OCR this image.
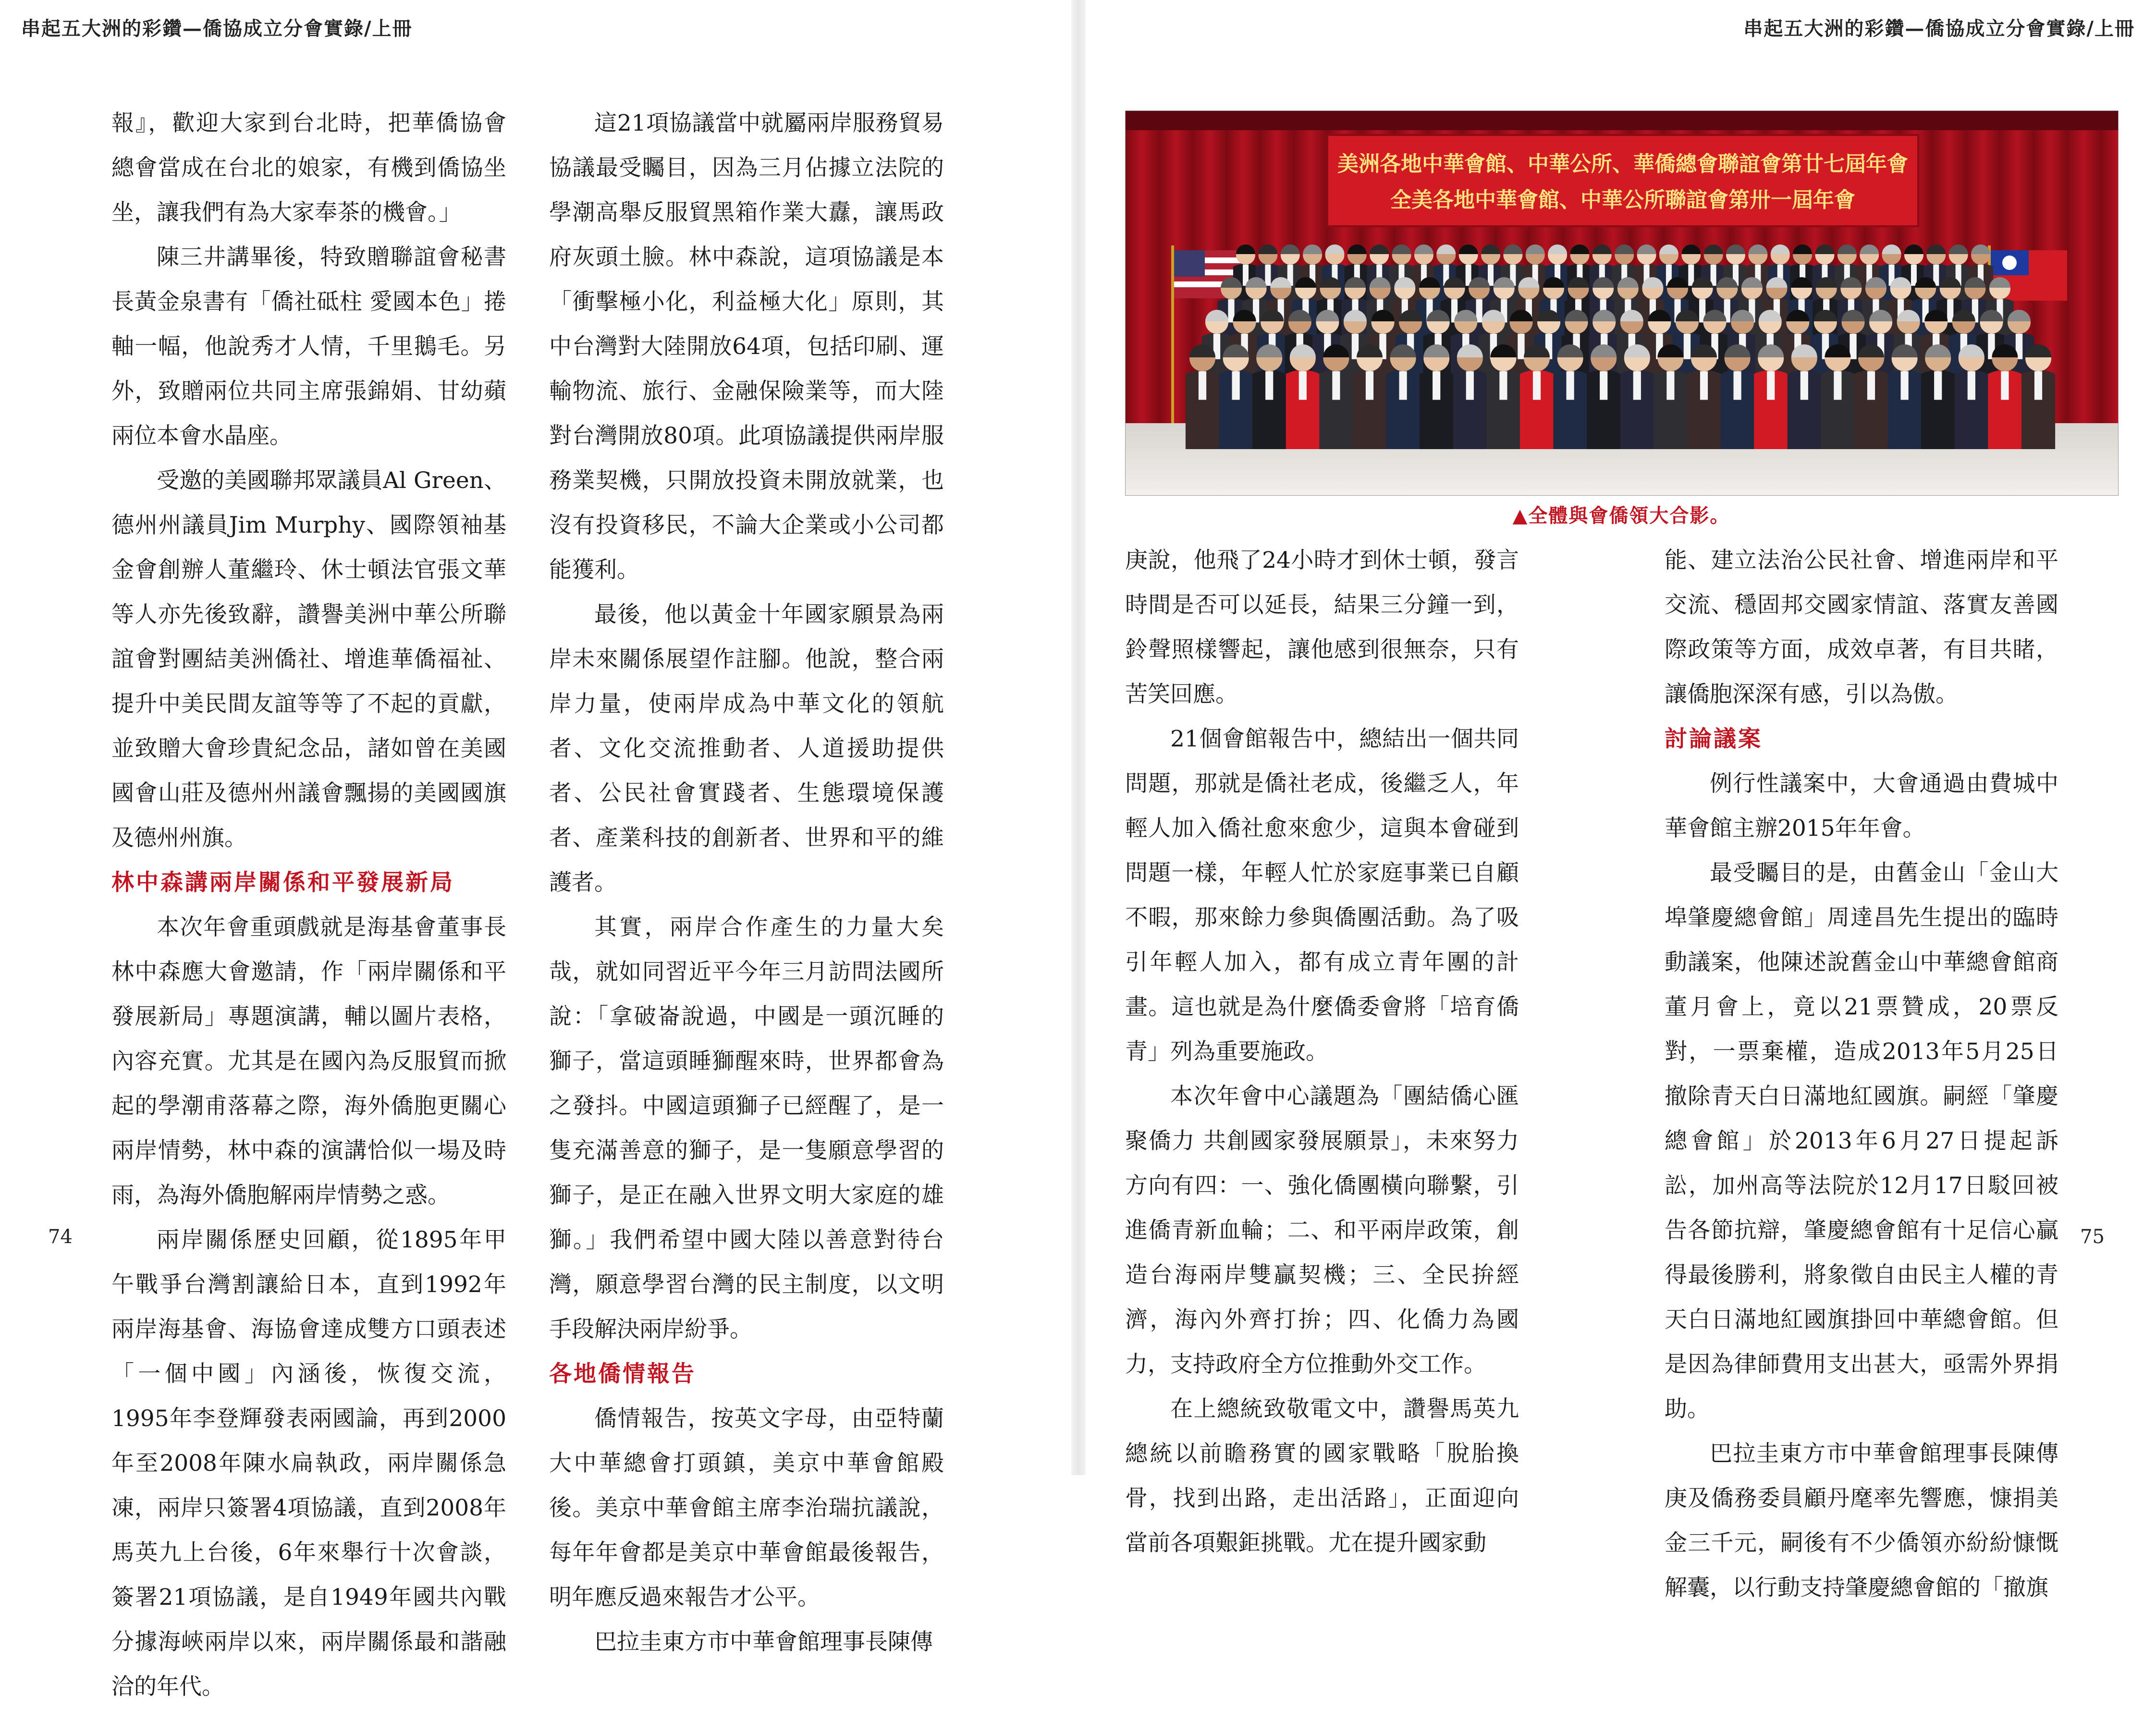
串起五大洲的彩鑽—僑協成立分會實錄/上冊

報』，歡迎大家到台北時，把華僑協會總會當成在台北的娘家，有機到僑協坐坐，讓我們有為大家奉茶的機會。」

陳三井講畢後，特致贈聯誼會秘書長黃金泉書有「僑社砥柱 愛國本色」捲軸一幅，他說秀才人情，千里鵝毛。另外，致贈兩位共同主席張錦娟、甘幼蘋兩位本會水晶座。

受邀的美國聯邦眾議員Al Green、德州州議員Jim Murphy、國際領袖基金會創辦人董繼玲、休士頓法官張文華等人亦先後致辭，讚譽美洲中華公所聯誼會對團結美洲僑社、增進華僑福祉、提升中美民間友誼等等了不起的貢獻，並致贈大會珍貴紀念品，諸如曾在美國國會山莊及德州州議會飄揚的美國國旗及德州州旗。

林中森講兩岸關係和平發展新局

本次年會重頭戲就是海基會董事長林中森應大會邀請，作「兩岸關係和平發展新局」專題演講，輔以圖片表格，內容充實。尤其是在國內為反服貿而掀起的學潮甫落幕之際，海外僑胞更關心兩岸情勢，林中森的演講恰似一場及時雨，為海外僑胞解兩岸情勢之惑。

兩岸關係歷史回顧，從1895年甲午戰爭台灣割讓給日本，直到1992年兩岸海基會、海協會達成雙方口頭表述「一個中國」內涵後，恢復交流，1995年李登輝發表兩國論，再到2000年至2008年陳水扁執政，兩岸關係急凍，兩岸只簽署4項協議，直到2008年馬英九上台後，6年來舉行十次會談，簽署21項協議，是自1949年國共內戰分據海峽兩岸以來，兩岸關係最和諧融洽的年代。

這21項協議當中就屬兩岸服務貿易協議最受矚目，因為三月佔據立法院的學潮高舉反服貿黑箱作業大纛，讓馬政府灰頭土臉。林中森說，這項協議是本「衝擊極小化，利益極大化」原則，其中台灣對大陸開放64項，包括印刷、運輸物流、旅行、金融保險業等，而大陸對台灣開放80項。此項協議提供兩岸服務業契機，只開放投資未開放就業，也沒有投資移民，不論大企業或小公司都能獲利。

最後，他以黃金十年國家願景為兩岸未來關係展望作註腳。他說，整合兩岸力量，使兩岸成為中華文化的領航者、文化交流推動者、人道援助提供者、公民社會實踐者、生態環境保護者、產業科技的創新者、世界和平的維護者。

其實，兩岸合作產生的力量大矣哉，就如同習近平今年三月訪問法國所說：「拿破崙說過，中國是一頭沉睡的獅子，當這頭睡獅醒來時，世界都會為之發抖。中國這頭獅子已經醒了，是一隻充滿善意的獅子，是一隻願意學習的獅子，是正在融入世界文明大家庭的雄獅。」我們希望中國大陸以善意對待台灣，願意學習台灣的民主制度，以文明手段解決兩岸紛爭。

各地僑情報告

僑情報告，按英文字母，由亞特蘭大中華總會打頭鎮，美京中華會館殿後。美京中華會館主席李治瑞抗議說，每年年會都是美京中華會館最後報告，明年應反過來報告才公平。

巴拉圭東方市中華會館理事長陳傳

74
串起五大洲的彩鑽—僑協成立分會實錄/上冊
美洲各地中華會館、中華公所、華僑總會聯誼會第廿七屆年會
全美各地中華會館、中華公所聯誼會第卅一屆年會
▲全體與會僑領大合影。

庚說，他飛了24小時才到休士頓，發言時間是否可以延長，結果三分鐘一到，鈴聲照樣響起，讓他感到很無奈，只有苦笑回應。

21個會館報告中，總結出一個共同問題，那就是僑社老成，後繼乏人，年輕人加入僑社愈來愈少，這與本會碰到問題一樣，年輕人忙於家庭事業已自顧不暇，那來餘力參與僑團活動。為了吸引年輕人加入，都有成立青年團的計畫。這也就是為什麼僑委會將「培育僑青」列為重要施政。

本次年會中心議題為「團結僑心匯聚僑力 共創國家發展願景」，未來努力方向有四：一、強化僑團橫向聯繫，引進僑青新血輪；二、和平兩岸政策，創造台海兩岸雙贏契機；三、全民拚經濟，海內外齊打拚；四、化僑力為國力，支持政府全方位推動外交工作。

在上總統致敬電文中，讚譽馬英九總統以前瞻務實的國家戰略「脫胎換骨，找到出路，走出活路」，正面迎向當前各項艱鉅挑戰。尤在提升國家動

能、建立法治公民社會、增進兩岸和平交流、穩固邦交國家情誼、落實友善國際政策等方面，成效卓著，有目共睹，讓僑胞深深有感，引以為傲。

討論議案

例行性議案中，大會通過由費城中華會館主辦2015年年會。

最受矚目的是，由舊金山「金山大埠肇慶總會館」周達昌先生提出的臨時動議案，他陳述說舊金山中華總會館商董月會上，竟以21票贊成，20票反對，一票棄權，造成2013年5月25日撤除青天白日滿地紅國旗。嗣經「肇慶總會館」於2013年6月27日提起訴訟，加州高等法院於12月17日駁回被告各節抗辯，肇慶總會館有十足信心贏得最後勝利，將象徵自由民主人權的青天白日滿地紅國旗掛回中華總會館。但是因為律師費用支出甚大，亟需外界捐助。

巴拉圭東方市中華會館理事長陳傳庚及僑務委員顧丹麾率先響應，慷捐美金三千元，嗣後有不少僑領亦紛紛慷慨解囊，以行動支持肇慶總會館的「撤旗

75
